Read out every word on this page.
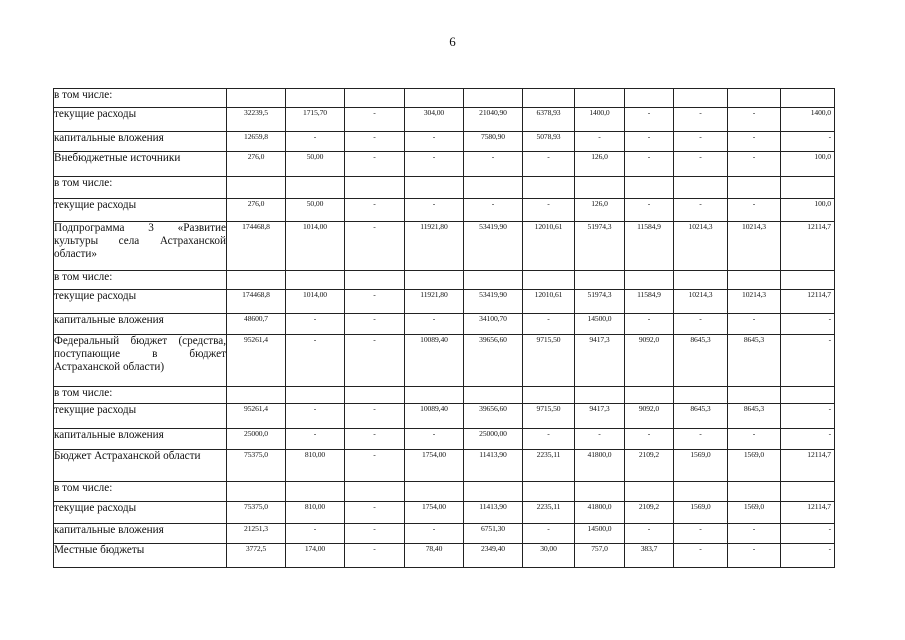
6
в том числе:											
текущие расходы	32239,5	1715,70	-	304,00	21040,90	6378,93	1400,0	-	-	-	1400,0
капитальные вложения	12659,8	-	-	-	7580,90	5078,93	-	-	-	-	-
Внебюджетные источники	276,0	50,00	-	-	-	-	126,0	-	-	-	100,0
в том числе:											
текущие расходы	276,0	50,00	-	-	-	-	126,0	-	-	-	100,0
Подпрограмма 3 «Развитие культуры села Астраханской области»	174468,8	1014,00	-	11921,80	53419,90	12010,61	51974,3	11584,9	10214,3	10214,3	12114,7
в том числе:											
текущие расходы	174468,8	1014,00	-	11921,80	53419,90	12010,61	51974,3	11584,9	10214,3	10214,3	12114,7
капитальные вложения	48600,7	-	-	-	34100,70	-	14500,0	-	-	-	-
Федеральный бюджет (средства, поступающие в бюджет Астраханской области)	95261,4	-	-	10089,40	39656,60	9715,50	9417,3	9092,0	8645,3	8645,3	-
в том числе:											
текущие расходы	95261,4	-	-	10089,40	39656,60	9715,50	9417,3	9092,0	8645,3	8645,3	-
капитальные вложения	25000,0	-	-	-	25000,00	-	-	-	-	-	-
Бюджет Астраханской области	75375,0	810,00	-	1754,00	11413,90	2235,11	41800,0	2109,2	1569,0	1569,0	12114,7
в том числе:											
текущие расходы	75375,0	810,00	-	1754,00	11413,90	2235,11	41800,0	2109,2	1569,0	1569,0	12114,7
капитальные вложения	21251,3	-	-	-	6751,30	-	14500,0	-	-	-	-
Местные бюджеты	3772,5	174,00	-	78,40	2349,40	30,00	757,0	383,7	-	-	-
